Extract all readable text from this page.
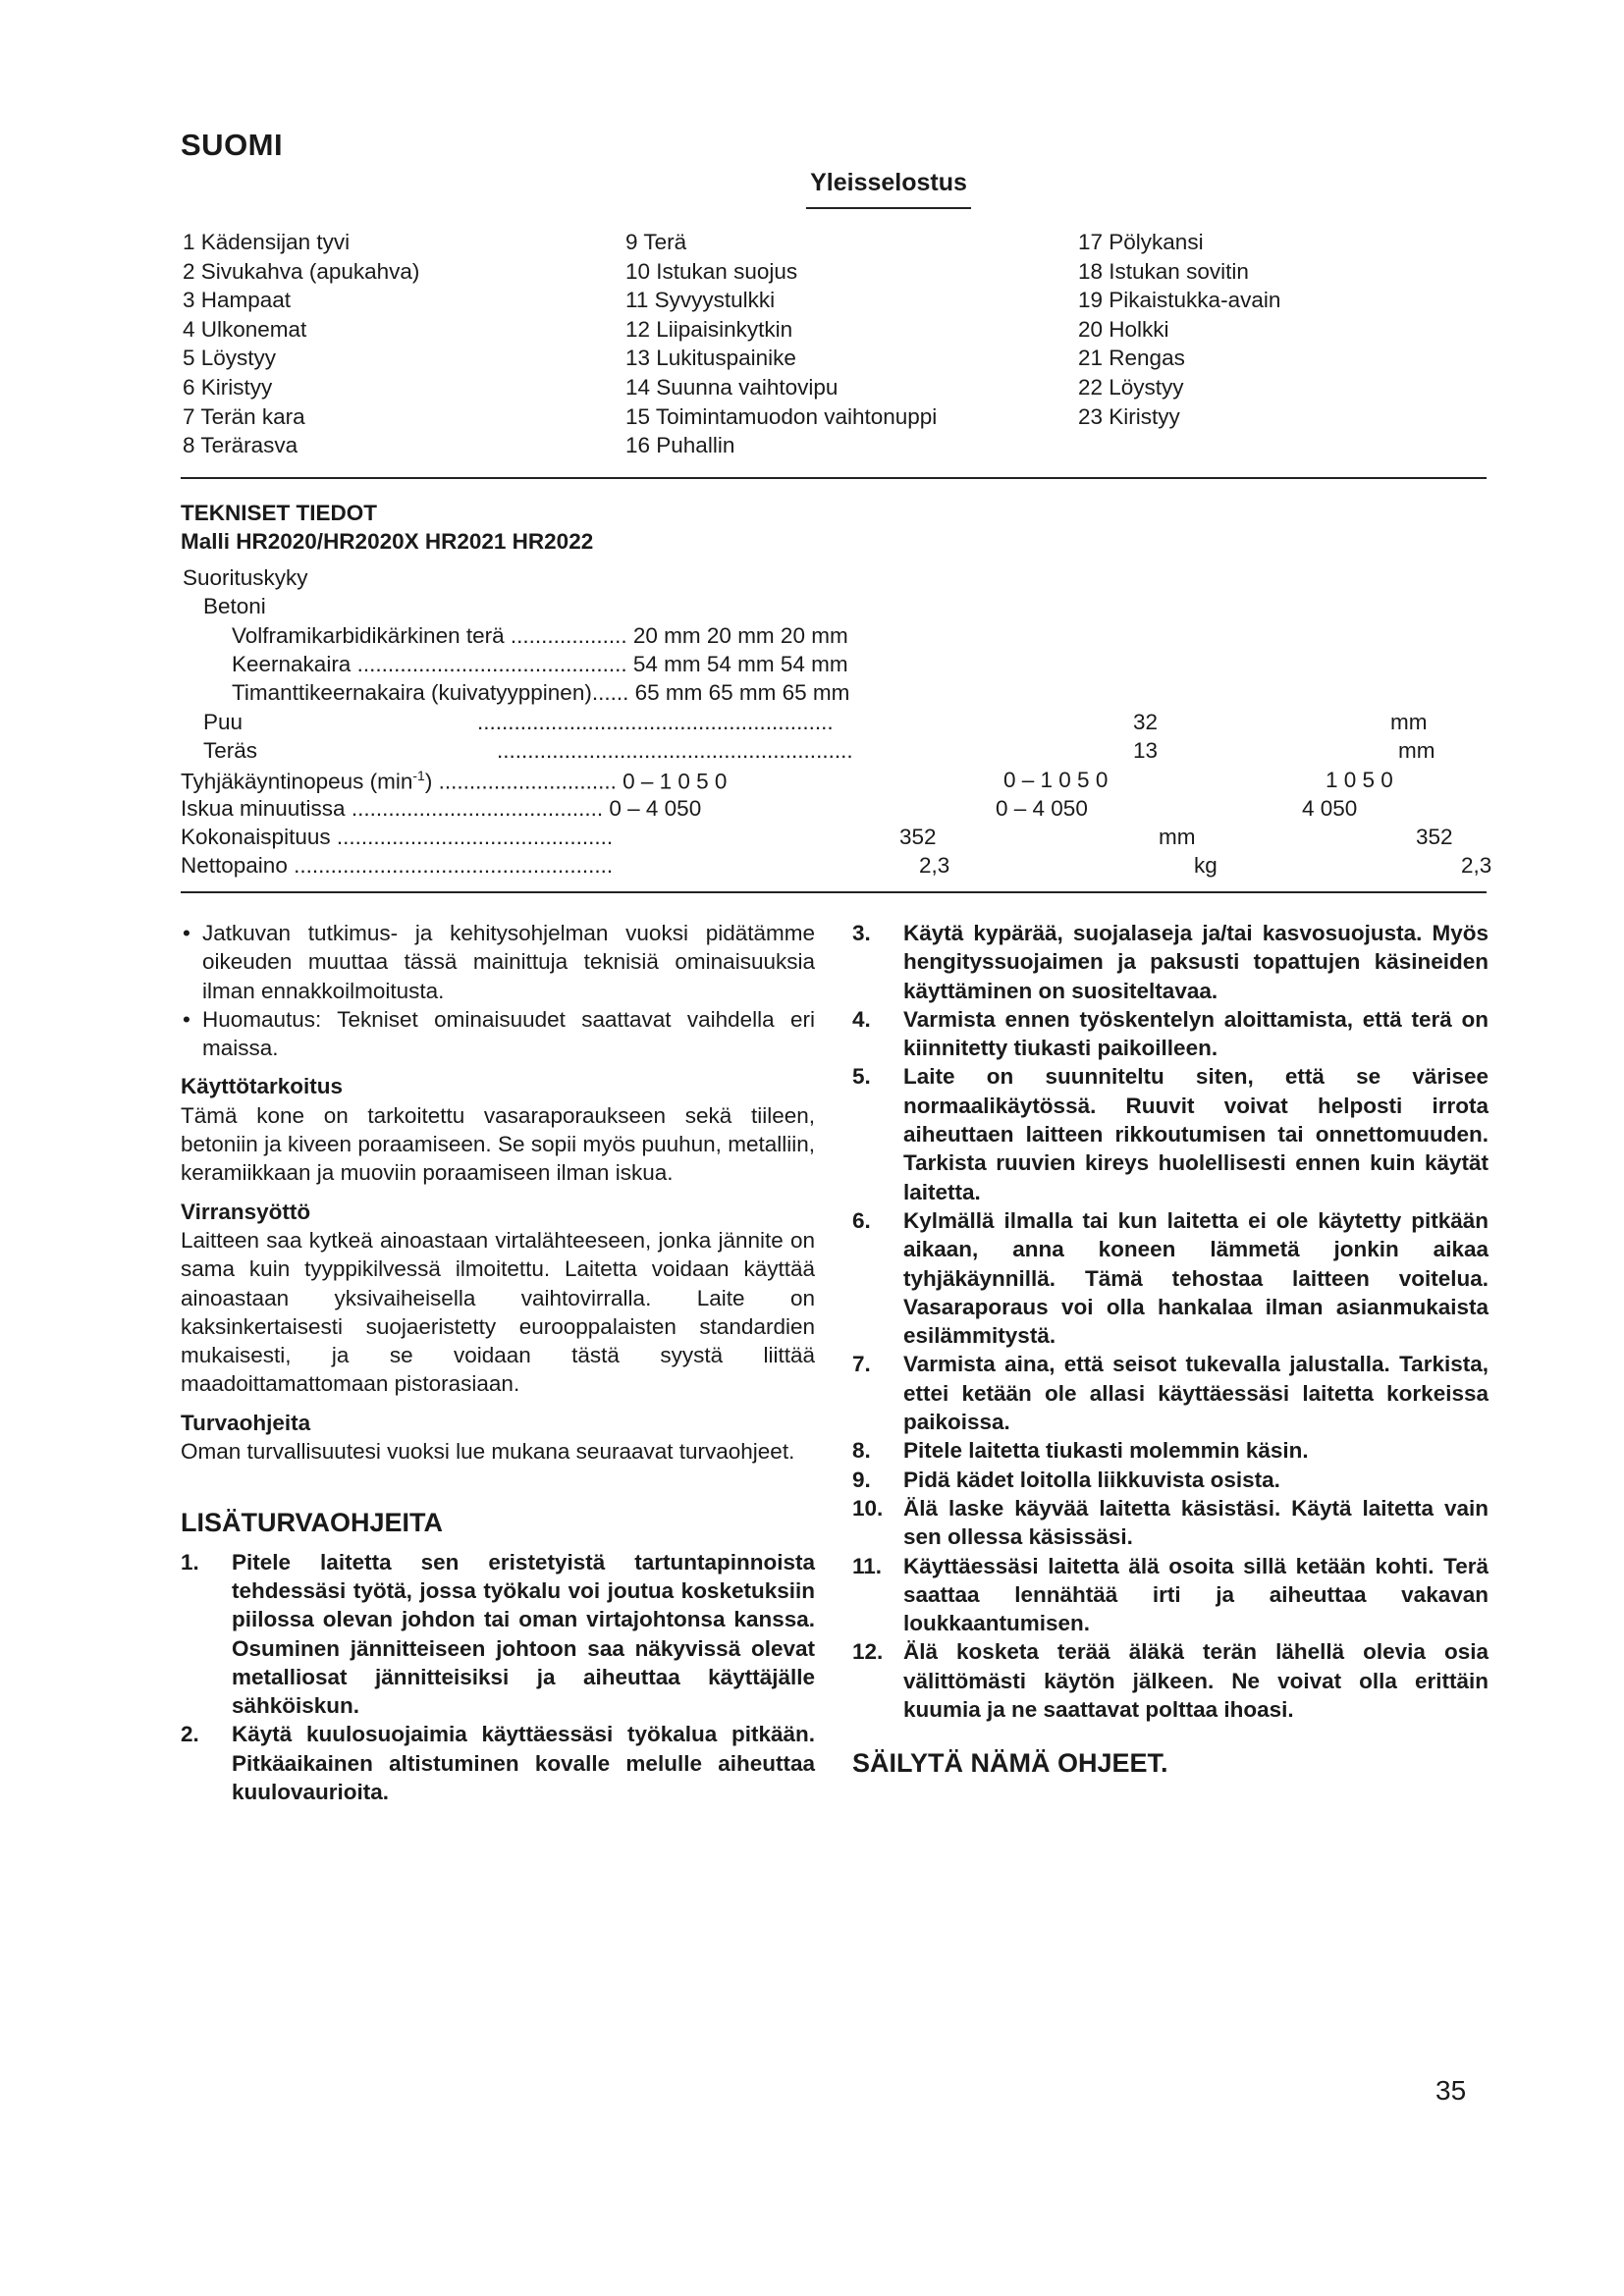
SUOMI
Yleisselostus
1 Kädensijan tyvi
2 Sivukahva (apukahva)
3 Hampaat
4 Ulkonemat
5 Löystyy
6 Kiristyy
7 Terän kara
8 Terärasva
9 Terä
10 Istukan suojus
11 Syvyystulkki
12 Liipaisinkytkin
13 Lukituspainike
14 Suunna vaihtovipu
15 Toimintamuodon vaihtonuppi
16 Puhallin
17 Pölykansi
18 Istukan sovitin
19 Pikaistukka-avain
20 Holkki
21 Rengas
22 Löystyy
23 Kiristyy
TEKNISET TIEDOT
Malli HR2020/HR2020X HR2021 HR2022
Suorituskyky
Betoni
Volframikarbidikärkinen terä ................... 20 mm 20 mm 20 mm
Keernakaira ............................................ 54 mm 54 mm 54 mm
Timanttikeernakaira (kuivatyyppinen)...... 65 mm 65 mm 65 mm
Puu	..........................................................	32	mm
Teräs	..........................................................	13	mm
Tyhjäkäyntinopeus $(\min^{-1})$ ............................. 0 – 1 0 5 0	0 – 1 0 5 0	1 0 5 0
Iskua minuutissa ......................................... 0 – 4 050	0 – 4 050	4 050
Kokonaispituus .............................................	352	mm	352
Nettopaino ....................................................	2,3	kg	2,3
• Jatkuvan tutkimus- ja kehitysohjelman vuoksi pidätämme oikeuden muuttaa tässä mainittuja teknisiä ominaisuuksia ilman ennakkoilmoitusta.
• Huomautus: Tekniset ominaisuudet saattavat vaihdella eri maissa.
Käyttötarkoitus
Tämä kone on tarkoitettu vasaraporaukseen sekä tiileen, betoniin ja kiveen poraamiseen. Se sopii myös puuhun, metalliin, keramiikkaan ja muoviin poraamiseen ilman iskua.
Virransyöttö
Laitteen saa kytkeä ainoastaan virtalähteeseen, jonka jännite on sama kuin tyyppikilvessä ilmoitettu. Laitetta voidaan käyttää ainoastaan yksivaiheisella vaihtovirralla. Laite on kaksinkertaisesti suojaeristetty eurooppalaisten standardien mukaisesti, ja se voidaan tästä syystä liittää maadoittamattomaan pistorasiaan.
Turvaohjeita
Oman turvallisuutesi vuoksi lue mukana seuraavat turvaohjeet.
LISÄTURVAOHJEITA
1. Pitele laitetta sen eristetyistä tartuntapinnoista tehdessäsi työtä, jossa työkalu voi joutua kosketuksiin piilossa olevan johdon tai oman virtajohtonsa kanssa. Osuminen jännitteiseen johtoon saa näkyvissä olevat metalliosat jännitteisiksi ja aiheuttaa käyttäjälle sähköiskun.
2. Käytä kuulosuojaimia käyttäessäsi työkalua pitkään. Pitkäaikainen altistuminen kovalle melulle aiheuttaa kuulovaurioita.
3. Käytä kypärää, suojalaseja ja/tai kasvosuojusta. Myös hengityssuojaimen ja paksusti topattujen käsineiden käyttäminen on suositeltavaa.
4. Varmista ennen työskentelyn aloittamista, että terä on kiinnitetty tiukasti paikoilleen.
5. Laite on suunniteltu siten, että se värisee normaalikäytössä. Ruuvit voivat helposti irrota aiheuttaen laitteen rikkoutumisen tai onnettomuuden. Tarkista ruuvien kireys huolellisesti ennen kuin käytät laitetta.
6. Kylmällä ilmalla tai kun laitetta ei ole käytetty pitkään aikaan, anna koneen lämmetä jonkin aikaa tyhjäkäynnillä. Tämä tehostaa laitteen voitelua. Vasaraporaus voi olla hankalaa ilman asianmukaista esilämmitystä.
7. Varmista aina, että seisot tukevalla jalustalla. Tarkista, ettei ketään ole allasi käyttäessäsi laitetta korkeissa paikoissa.
8. Pitele laitetta tiukasti molemmin käsin.
9. Pidä kädet loitolla liikkuvista osista.
10. Älä laske käyvää laitetta käsistäsi. Käytä laitetta vain sen ollessa käsissäsi.
11. Käyttäessäsi laitetta älä osoita sillä ketään kohti. Terä saattaa lennähtää irti ja aiheuttaa vakavan loukkaantumisen.
12. Älä kosketa terää äläkä terän lähellä olevia osia välittömästi käytön jälkeen. Ne voivat olla erittäin kuumia ja ne saattavat polttaa ihoasi.
SÄILYTÄ NÄMÄ OHJEET.
35
